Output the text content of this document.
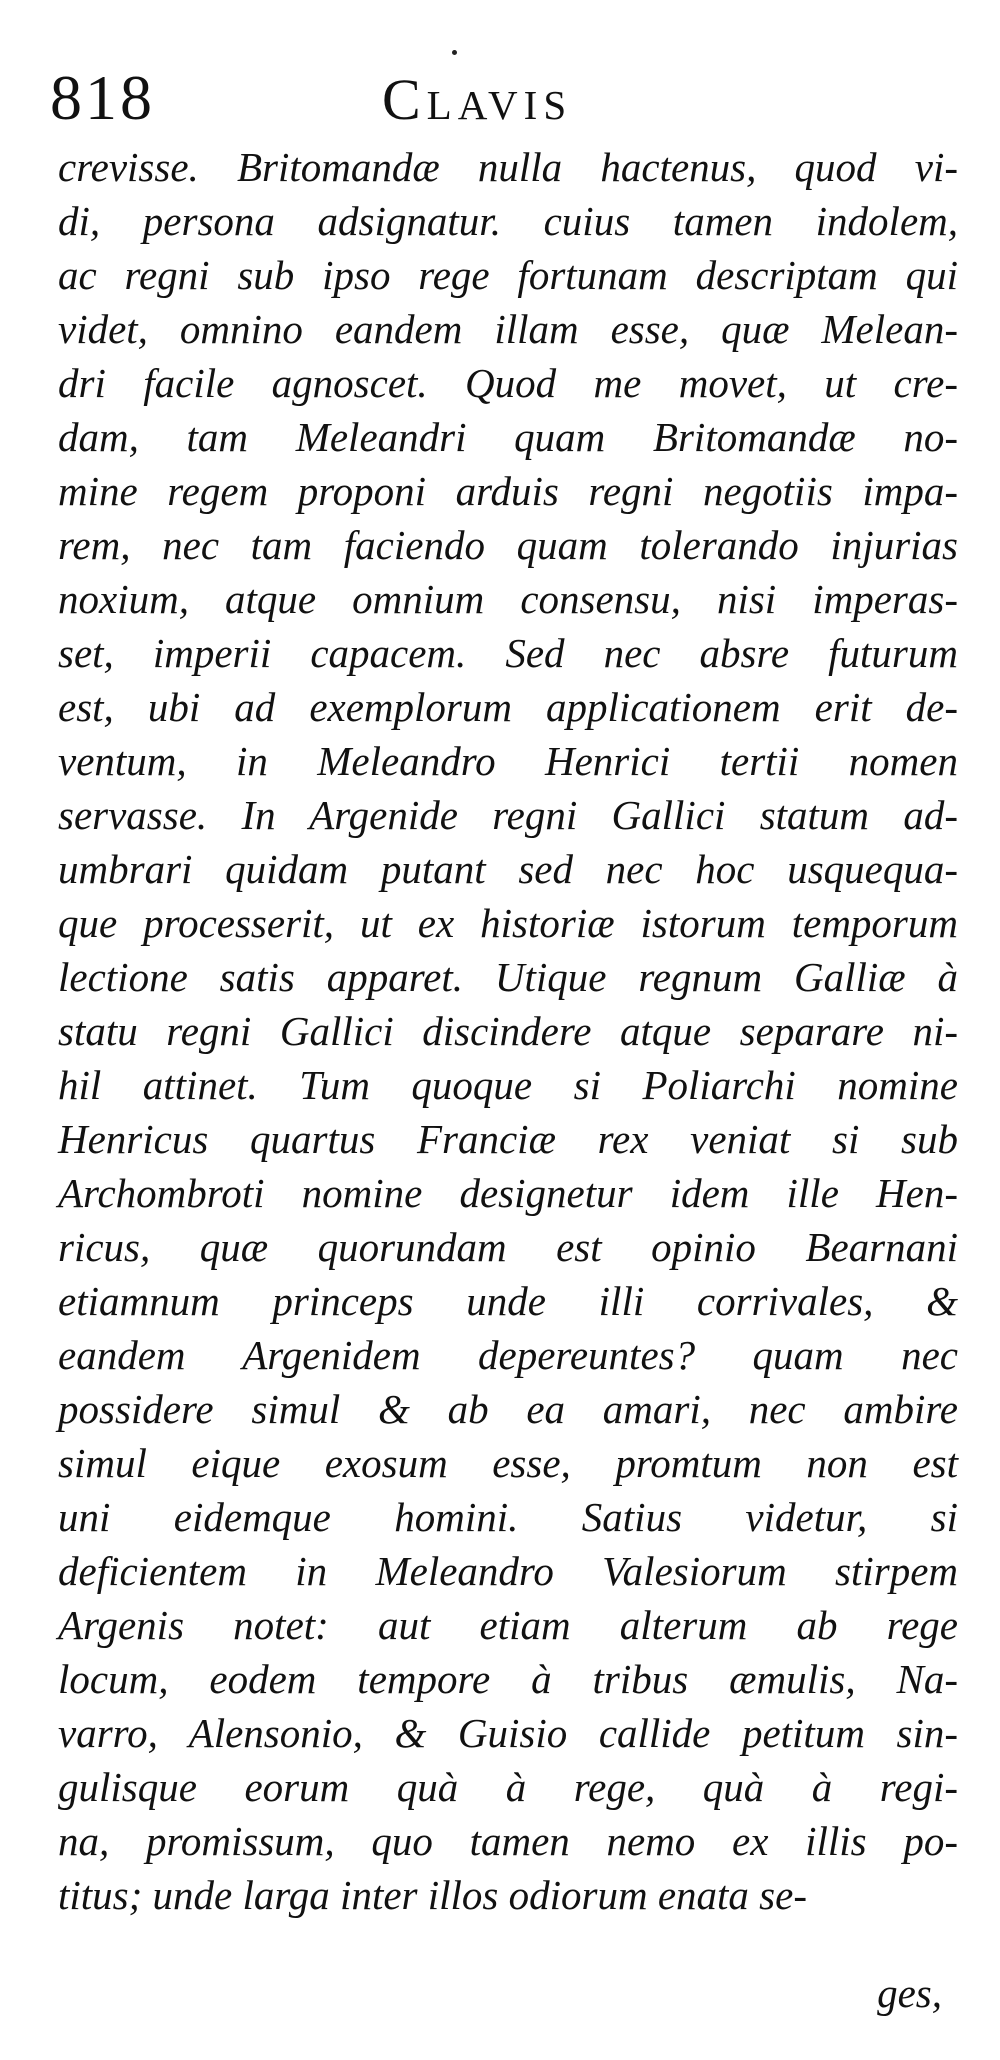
818	Clavis
crevisse. Britomandæ nulla hactenus, quod vi-
di, persona adsignatur. cuius tamen indolem,
ac regni sub ipso rege fortunam descriptam qui
videt, omnino eandem illam esse, quæ Melean-
dri facile agnoscet. Quod me movet, ut cre-
dam, tam Meleandri quam Britomandæ no-
mine regem proponi arduis regni negotiis impa-
rem, nec tam faciendo quam tolerando injurias
noxium, atque omnium consensu, nisi imperas-
set, imperii capacem. Sed nec absre futurum
est, ubi ad exemplorum applicationem erit de-
ventum, in Meleandro Henrici tertii nomen
servasse. In Argenide regni Gallici statum ad-
umbrari quidam putant sed nec hoc usquequa-
que processerit, ut ex historiæ istorum temporum
lectione satis apparet. Utique regnum Galliæ à
statu regni Gallici discindere atque separare ni-
hil attinet. Tum quoque si Poliarchi nomine
Henricus quartus Franciæ rex veniat si sub
Archombroti nomine designetur idem ille Hen-
ricus, quæ quorundam est opinio Bearnani
etiamnum princeps unde illi corrivales, &
eandem Argenidem depereuntes? quam nec
possidere simul & ab ea amari, nec ambire
simul eique exosum esse, promtum non est
uni eidemque homini. Satius videtur, si
deficientem in Meleandro Valesiorum stirpem
Argenis notet: aut etiam alterum ab rege
locum, eodem tempore à tribus æmulis, Na-
varro, Alensonio, & Guisio callide petitum sin-
gulisque eorum quà à rege, quà à regi-
na, promissum, quo tamen nemo ex illis po-
titus; unde larga inter illos odiorum enata se-
ges,
